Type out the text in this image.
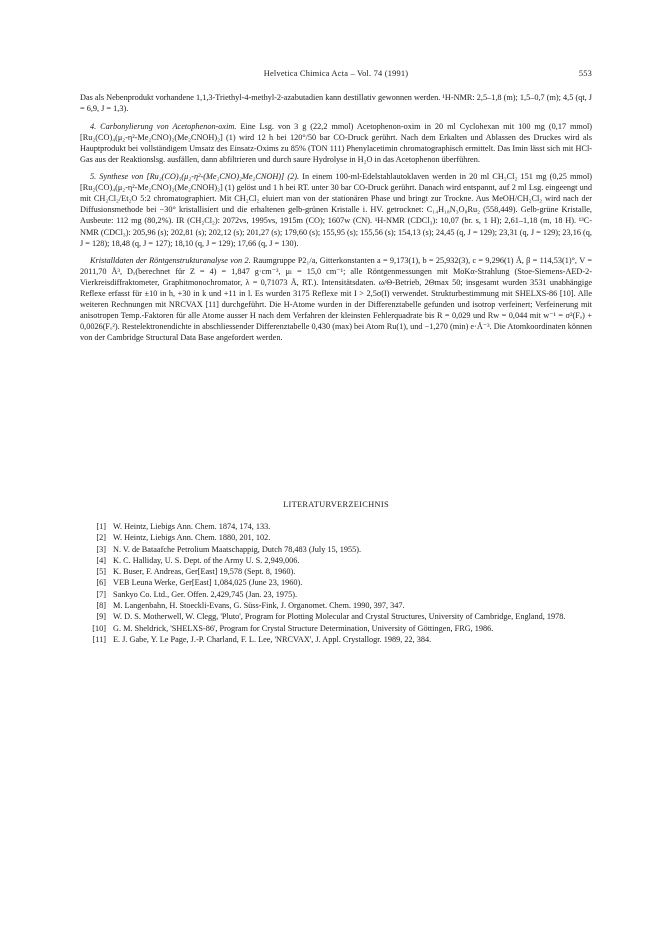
Helvetica Chimica Acta – Vol. 74 (1991)	553

Das als Nebenprodukt vorhandene 1,1,3-Triethyl-4-methyl-2-azabutadien kann destillativ gewonnen werden. ¹H-NMR: 2,5–1,8 (m); 1,5–0,7 (m); 4,5 (qt, J = 6,9, J = 1,3).

4. Carbonylierung von Acetophenon-oxim. Eine Lsg. von 3 g (22,2 mmol) Acetophenon-oxim in 20 ml Cyclohexan mit 100 mg (0,17 mmol) [Ru₂(CO)₄(μ₂-η²-Me₂CNO)₂(Me₂CNOH)₂] (1) wird 12 h bei 120°/50 bar CO-Druck gerührt. Nach dem Erkalten und Ablassen des Druckes wird als Hauptprodukt bei vollständigem Umsatz des Einsatz-Oxims zu 85% (TON 111) Phenylacetimin chromatographisch ermittelt. Das Imin lässt sich mit HCl-Gas aus der Reaktionslsg. ausfällen, dann abfiltrieren und durch saure Hydrolyse in H₂O in das Acetophenon überführen.

5. Synthese von [Ru₂(CO)₅(μ₂-η²-(Me₂CNO)₂Me₂CNOH)] (2). In einem 100-ml-Edelstahlautoklaven werden in 20 ml CH₂Cl₂ 151 mg (0,25 mmol) [Ru₂(CO)₄(μ₂-η²-Me₂CNO)₂(Me₂CNOH)₂] (1) gelöst und 1 h bei RT. unter 30 bar CO-Druck gerührt. Danach wird entspannt, auf 2 ml Lsg. eingeengt und mit CH₂Cl₂/Et₂O 5:2 chromatographiert. Mit CH₂Cl₂ eluiert man von der stationären Phase und bringt zur Trockne. Aus MeOH/CH₂Cl₂ wird nach der Diffusionsmethode bei −30° kristallisiert und die erhaltenen gelb-grünen Kristalle i. HV. getrocknet: C₁₄H₁₈N₃O₈Ru₂ (558,449). Gelb-grüne Kristalle, Ausbeute: 112 mg (80,2%). IR (CH₂Cl₂): 2072vs, 1995vs, 1915m (CO); 1607w (CN). ¹H-NMR (CDCl₃): 10,07 (br. s, 1 H); 2,61–1,18 (m, 18 H). ¹³C-NMR (CDCl₃): 205,96 (s); 202,81 (s); 202,12 (s); 201,27 (s); 179,60 (s); 155,95 (s); 155,56 (s); 154,13 (s); 24,45 (q, J = 129); 23,31 (q, J = 129); 23,16 (q, J = 128); 18,48 (q, J = 127); 18,10 (q, J = 129); 17,66 (q, J = 130).

Kristalldaten der Röntgenstrukturanalyse von 2. Raumgruppe P2₁/a, Gitterkonstanten a = 9,173(1), b = 25,932(3), c = 9,296(1) Å, β = 114,53(1)°, V = 2011,70 Å³, Dₓ(berechnet für Z = 4) = 1,847 g·cm⁻³, μₗ = 15,0 cm⁻¹; alle Röntgenmessungen mit MoKα-Strahlung (Stoe-Siemens-AED-2-Vierkreisdiffraktometer, Graphitmonochromator, λ = 0,71073 Å, RT.). Intensitätsdaten. ω/Θ-Betrieb, 2Θmax 50; insgesamt wurden 3531 unabhängige Reflexe erfasst für ±10 in h, +30 in k und +11 in l. Es wurden 3175 Reflexe mit I > 2,5σ(I) verwendet. Strukturbestimmung mit SHELXS-86 [10]. Alle weiteren Rechnungen mit NRCVAX [11] durchgeführt. Die H-Atome wurden in der Differenztabelle gefunden und isotrop verfeinert; Verfeinerung mit anisotropen Temp.-Faktoren für alle Atome ausser H nach dem Verfahren der kleinsten Fehlerquadrate bis R = 0,029 und Rw = 0,044 mit w⁻¹ = σ²(Fₒ) + 0,0026(Fₒ²). Restelektronendichte in abschliessender Differenztabelle 0,430 (max) bei Atom Ru(1), und −1,270 (min) e·Å⁻³. Die Atomkoordinaten können von der Cambridge Structural Data Base angefordert werden.

LITERATURVERZEICHNIS
[1] W. Heintz, Liebigs Ann. Chem. 1874, 174, 133.
[2] W. Heintz, Liebigs Ann. Chem. 1880, 201, 102.
[3] N. V. de Bataafche Petrolium Maatschappig, Dutch 78,483 (July 15, 1955).
[4] K. C. Halliday, U. S. Dept. of the Army U. S. 2,949,006.
[5] K. Buser, F. Andreas, Ger[East] 19,578 (Sept. 8, 1960).
[6] VEB Leuna Werke, Ger[East] 1,084,025 (June 23, 1960).
[7] Sankyo Co. Ltd., Ger. Offen. 2,429,745 (Jan. 23, 1975).
[8] M. Langenbahn, H. Stoeckli-Evans, G. Süss-Fink, J. Organomet. Chem. 1990, 397, 347.
[9] W. D. S. Motherwell, W. Clegg, 'Pluto', Program for Plotting Molecular and Crystal Structures, University of Cambridge, England, 1978.
[10] G. M. Sheldrick, 'SHELXS-86', Program for Crystal Structure Determination, University of Göttingen, FRG, 1986.
[11] E. J. Gabe, Y. Le Page, J.-P. Charland, F. L. Lee, 'NRCVAX', J. Appl. Crystallogr. 1989, 22, 384.
